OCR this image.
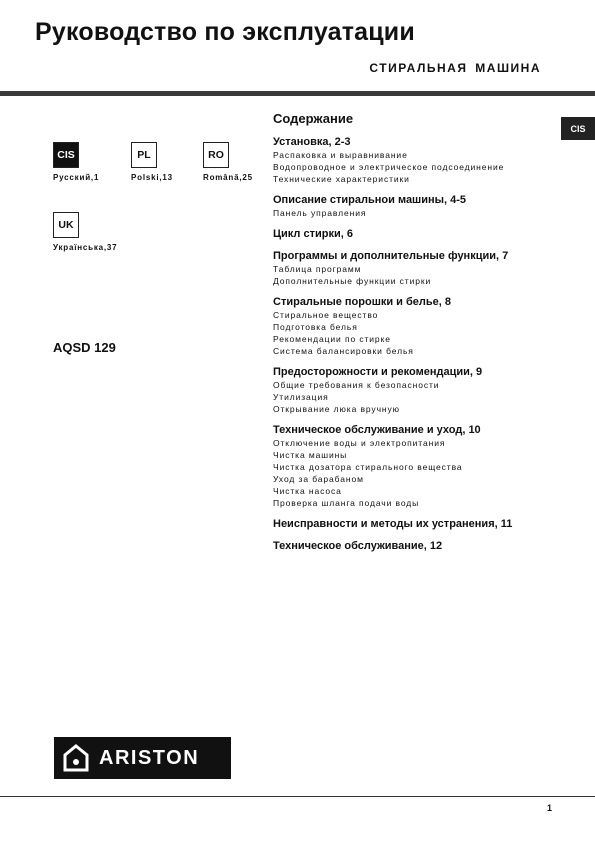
Руководство по эксплуатации
СТИРАЛЬНАЯ МАШИНА
CIS
CIS
Русский,1
PL
Polski,13
RO
Română,25
UK
Українська,37
AQSD 129
Содержание
Установка, 2-3
Распаковка и выравнивание
Водопроводное и электрическое подсоединение
Технические характеристики
Описание стиральнои машины, 4-5
Панель управления
Цикл стирки, 6
Программы и дополнительные функции, 7
Таблица программ
Дополнительные функции стирки
Стиральные порошки и белье, 8
Стиральное вещество
Подготовка белья
Рекомендации по стирке
Система балансировки белья
Предосторожности и рекомендации, 9
Общие требования к безопасности
Утилизация
Открывание люка вручную
Техническое обслуживание и уход, 10
Отключение воды и электропитания
Чистка машины
Чистка дозатора стирального вещества
Уход за барабаном
Чистка насоса
Проверка шланга подачи воды
Неисправности и методы их устранения, 11
Техническое обслуживание, 12
ARISTON
1
